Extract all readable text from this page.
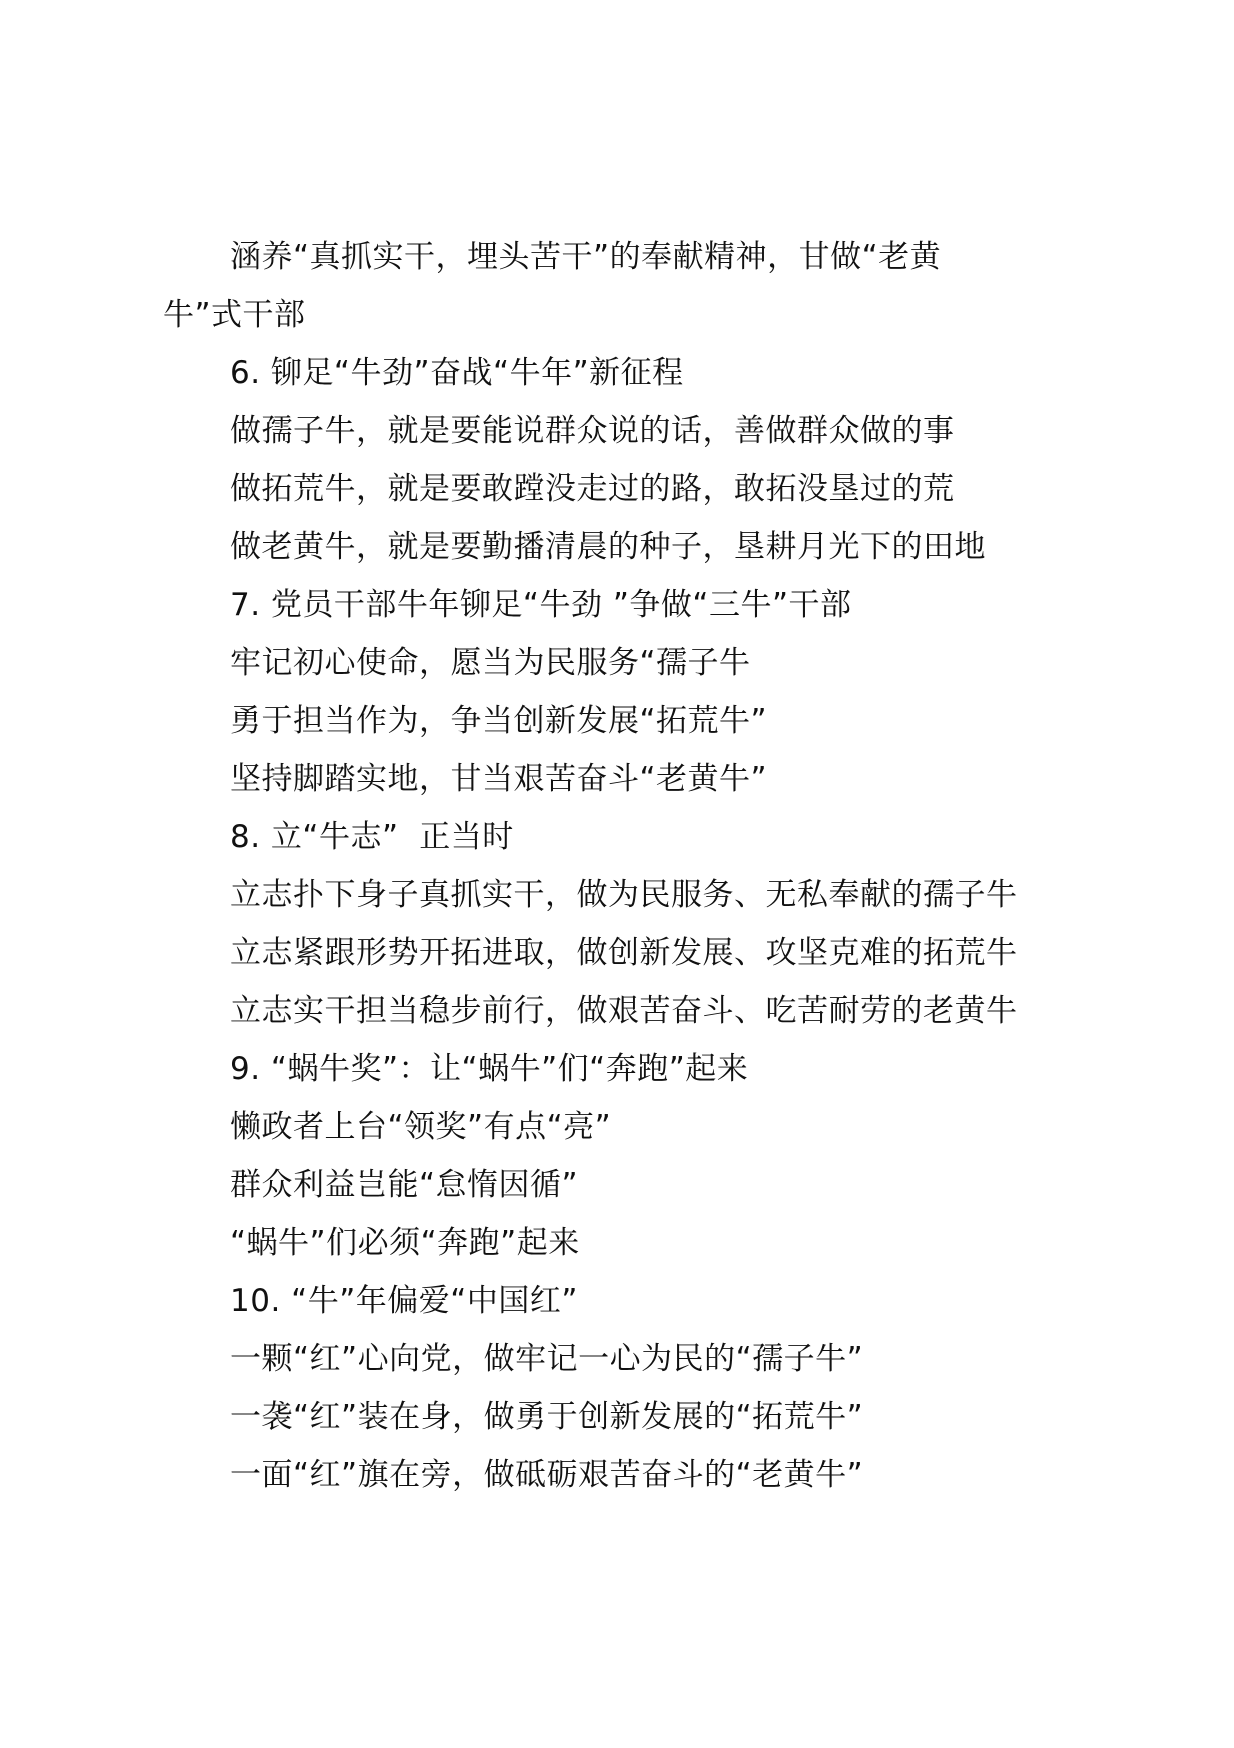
涵养“真抓实干，埋头苦干”的奉献精神，甘做“老黄
牛”式干部
6. 铆足“牛劲”奋战“牛年”新征程
做孺子牛，就是要能说群众说的话，善做群众做的事
做拓荒牛，就是要敢蹚没走过的路，敢拓没垦过的荒
做老黄牛，就是要勤播清晨的种子，垦耕月光下的田地
7. 党员干部牛年铆足“牛劲 ”争做“三牛”干部
牢记初心使命，愿当为民服务“孺子牛
勇于担当作为，争当创新发展“拓荒牛”
坚持脚踏实地，甘当艰苦奋斗“老黄牛”
8. 立“牛志”  正当时
立志扑下身子真抓实干，做为民服务、无私奉献的孺子牛
立志紧跟形势开拓进取，做创新发展、攻坚克难的拓荒牛
立志实干担当稳步前行，做艰苦奋斗、吃苦耐劳的老黄牛
9. “蜗牛奖”：让“蜗牛”们“奔跑”起来
懒政者上台“领奖”有点“亮”
群众利益岂能“怠惰因循”
“蜗牛”们必须“奔跑”起来
10. “牛”年偏爱“中国红”
一颗“红”心向党，做牢记一心为民的“孺子牛”
一袭“红”装在身，做勇于创新发展的“拓荒牛”
一面“红”旗在旁，做砥砺艰苦奋斗的“老黄牛”
